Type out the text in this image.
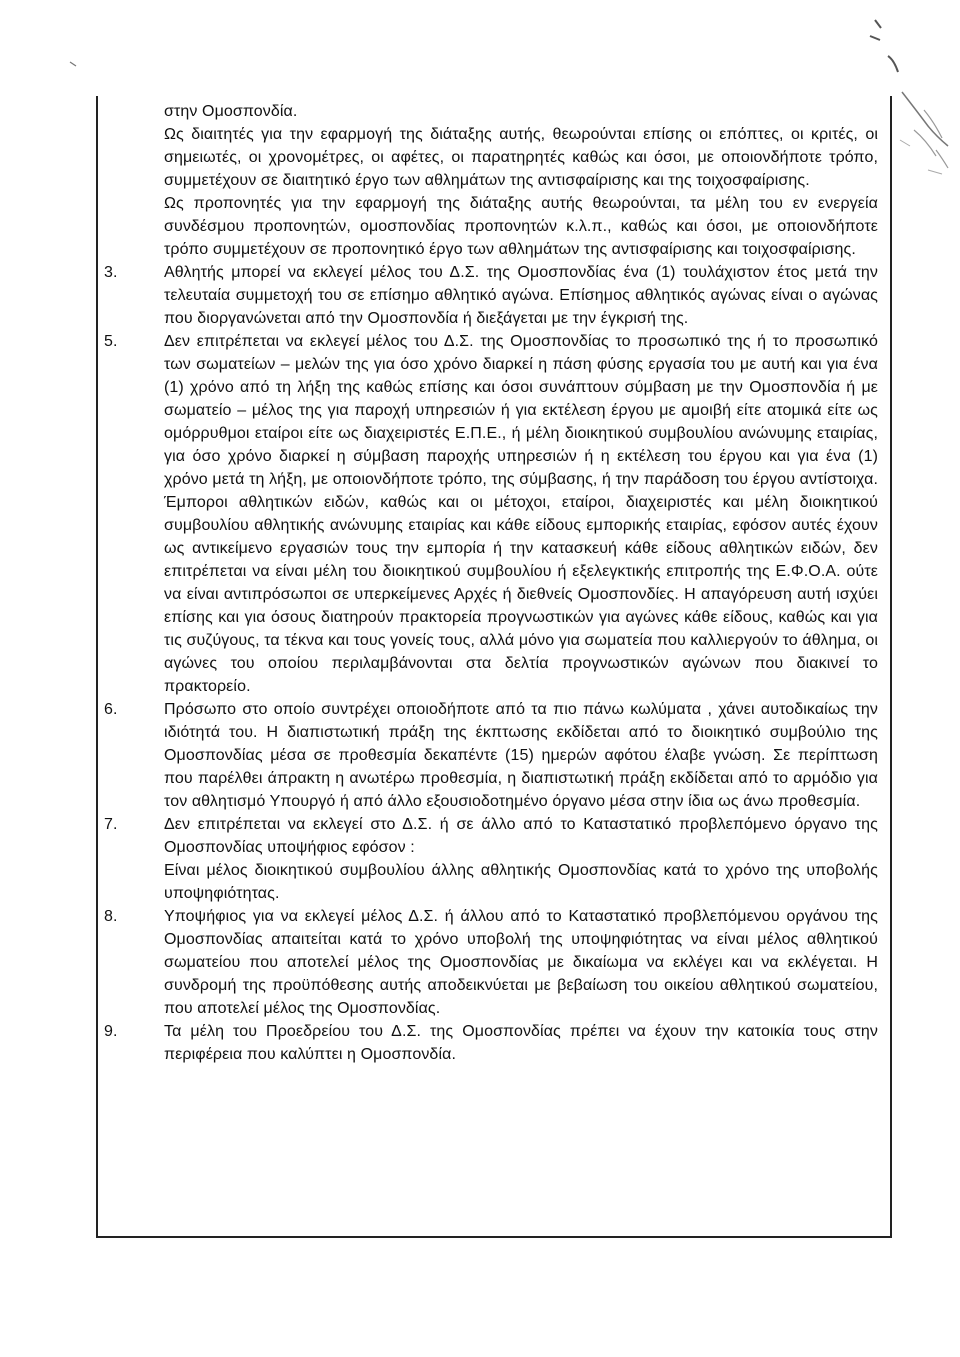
στην Ομοσπονδία.
Ως διαιτητές για την εφαρμογή της διάταξης αυτής, θεωρούνται επίσης οι επόπτες, οι κριτές, οι σημειωτές, οι χρονομέτρες, οι αφέτες, οι παρατηρητές καθώς και όσοι, με οποιονδήποτε τρόπο, συμμετέχουν σε διαιτητικό έργο των αθλημάτων της αντισφαίρισης και της τοιχοσφαίρισης.
Ως προπονητές για την εφαρμογή της διάταξης αυτής θεωρούνται, τα μέλη του εν ενεργεία συνδέσμου προπονητών, ομοσπονδίας προπονητών κ.λ.π., καθώς και όσοι, με οποιονδήποτε τρόπο συμμετέχουν σε προπονητικό έργο των αθλημάτων της αντισφαίρισης και τοιχοσφαίρισης.
3.	Αθλητής μπορεί να εκλεγεί μέλος του Δ.Σ. της Ομοσπονδίας ένα (1) τουλάχιστον έτος μετά την τελευταία συμμετοχή του σε επίσημο αθλητικό αγώνα. Επίσημος αθλητικός αγώνας είναι ο αγώνας που διοργανώνεται από την Ομοσπονδία ή διεξάγεται με την έγκρισή της.
5.	Δεν επιτρέπεται να εκλεγεί μέλος του Δ.Σ. της Ομοσπονδίας το προσωπικό της ή το προσωπικό των σωματείων – μελών της για όσο χρόνο διαρκεί η πάση φύσης εργασία του με αυτή και για ένα (1) χρόνο από τη λήξη της καθώς επίσης και όσοι συνάπτουν σύμβαση με την Ομοσπονδία ή με σωματείο – μέλος της για παροχή υπηρεσιών ή για εκτέλεση έργου με αμοιβή είτε ατομικά είτε ως ομόρρυθμοι εταίροι είτε ως διαχειριστές Ε.Π.Ε., ή μέλη διοικητικού συμβουλίου ανώνυμης εταιρίας, για όσο χρόνο διαρκεί η σύμβαση παροχής υπηρεσιών ή η εκτέλεση του έργου και για ένα (1) χρόνο μετά τη λήξη, με οποιονδήποτε τρόπο, της σύμβασης, ή την παράδοση του έργου αντίστοιχα. Έμποροι αθλητικών ειδών, καθώς και οι μέτοχοι, εταίροι, διαχειριστές και μέλη διοικητικού συμβουλίου αθλητικής ανώνυμης εταιρίας και κάθε είδους εμπορικής εταιρίας, εφόσον αυτές έχουν ως αντικείμενο εργασιών τους την εμπορία ή την κατασκευή κάθε είδους αθλητικών ειδών, δεν επιτρέπεται να είναι μέλη του διοικητικού συμβουλίου ή εξελεγκτικής επιτροπής της Ε.Φ.Ο.Α. ούτε να είναι αντιπρόσωποι σε υπερκείμενες Αρχές ή διεθνείς Ομοσπονδίες. Η απαγόρευση αυτή ισχύει επίσης και για όσους διατηρούν πρακτορεία προγνωστικών για αγώνες κάθε είδους, καθώς και για τις συζύγους, τα τέκνα και τους γονείς τους, αλλά μόνο για σωματεία που καλλιεργούν το άθλημα, οι αγώνες του οποίου περιλαμβάνονται στα δελτία προγνωστικών αγώνων που διακινεί το πρακτορείο.
6.	Πρόσωπο στο οποίο συντρέχει οποιοδήποτε από τα πιο πάνω κωλύματα , χάνει αυτοδικαίως την ιδιότητά του. Η διαπιστωτική πράξη της έκπτωσης εκδίδεται από το διοικητικό συμβούλιο της Ομοσπονδίας μέσα σε προθεσμία δεκαπέντε (15) ημερών αφότου έλαβε γνώση. Σε περίπτωση που παρέλθει άπρακτη η ανωτέρω προθεσμία, η διαπιστωτική πράξη εκδίδεται από το αρμόδιο για τον αθλητισμό Υπουργό ή από άλλο εξουσιοδοτημένο όργανο μέσα στην ίδια ως άνω προθεσμία.
7.	Δεν επιτρέπεται να εκλεγεί στο Δ.Σ. ή σε άλλο από το Καταστατικό προβλεπόμενο όργανο της Ομοσπονδίας υποψήφιος εφόσον :
Είναι μέλος διοικητικού συμβουλίου άλλης αθλητικής Ομοσπονδίας κατά το χρόνο της υποβολής υποψηφιότητας.
8.	Υποψήφιος για να εκλεγεί μέλος Δ.Σ. ή άλλου από το Καταστατικό προβλεπόμενου οργάνου της Ομοσπονδίας απαιτείται κατά το χρόνο υποβολή της υποψηφιότητας να είναι μέλος αθλητικού σωματείου που αποτελεί μέλος της Ομοσπονδίας με δικαίωμα να εκλέγει και να εκλέγεται. Η συνδρομή της προϋπόθεσης αυτής αποδεικνύεται με βεβαίωση του οικείου αθλητικού σωματείου, που αποτελεί μέλος της Ομοσπονδίας.
9.	Τα μέλη του Προεδρείου του Δ.Σ. της Ομοσπονδίας πρέπει να έχουν την κατοικία τους στην περιφέρεια που καλύπτει η Ομοσπονδία.
